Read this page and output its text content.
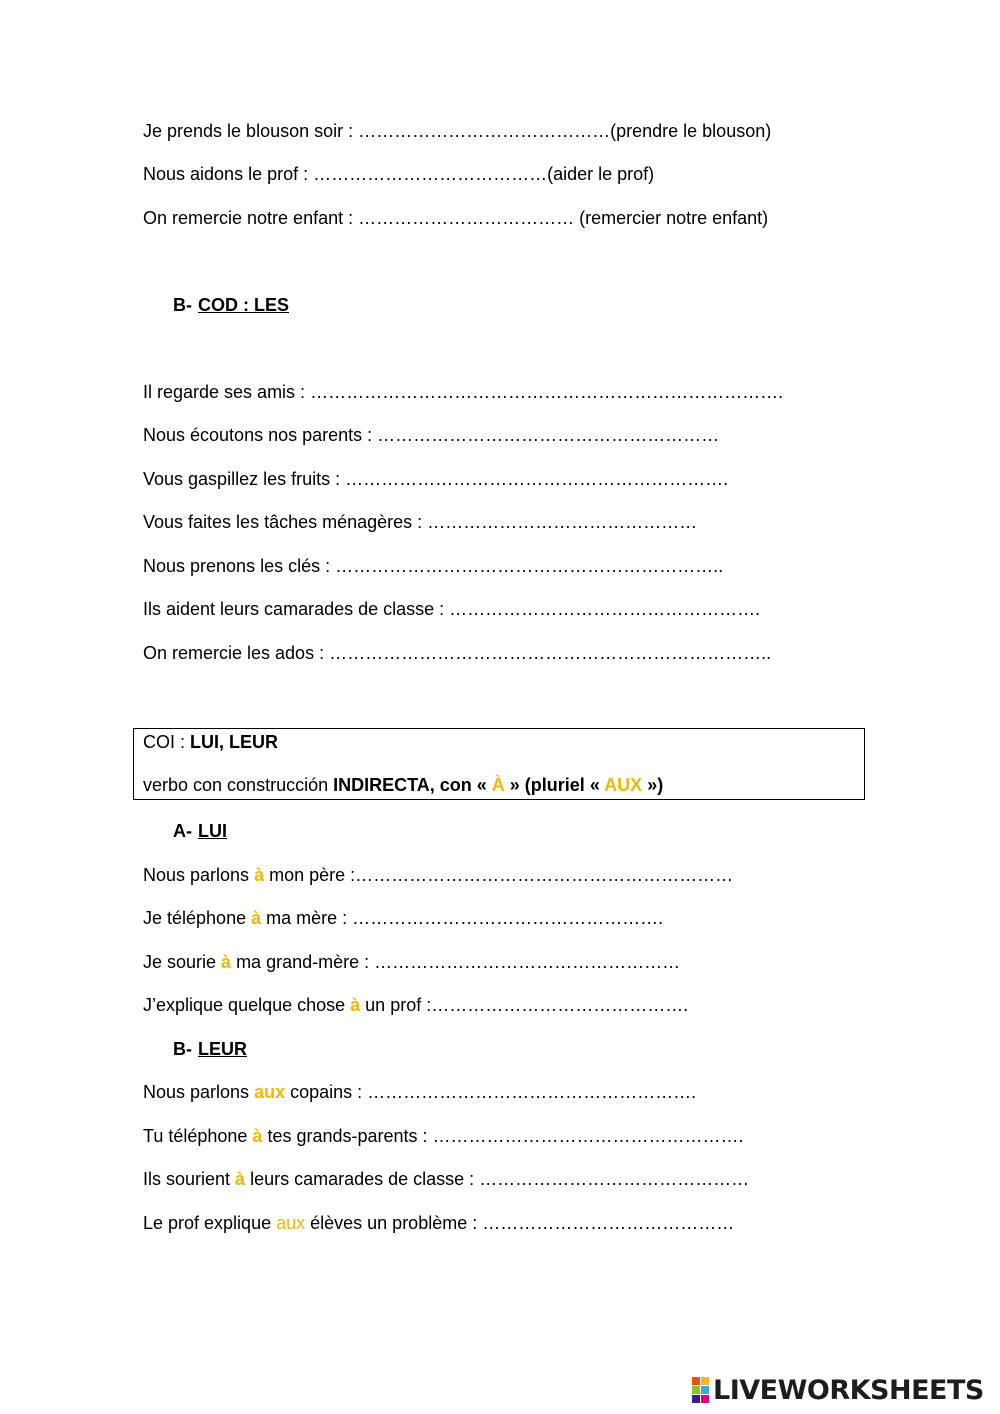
Je prends le blouson soir : ……………………………………(prendre le blouson)
Nous aidons le prof : …………………………………(aider le prof)
On remercie notre enfant : ……………………………… (remercier notre enfant)
B- COD : LES
Il regarde ses amis : …………………………………………………………………….
Nous écoutons nos parents : …………………………………………………
Vous gaspillez les fruits : ……………………………………………………….
Vous faites les tâches ménagères : ………………………………………
Nous prenons les clés : ………………………………………………………..
Ils aident leurs camarades de classe : …………………………………………….
On remercie les ados : ………………………………………………………………..
COI : LUI, LEUR
verbo con construcción INDIRECTA, con « À » (pluriel « AUX »)
A- LUI
Nous parlons à mon père :………………………………………………………
Je téléphone à ma mère : …………………………………………….
Je sourie à ma grand-mère : ……………………………………………
J’explique quelque chose à un prof :…………………………………….
B- LEUR
Nous parlons aux copains : ……………………………………………….
Tu téléphone à tes grands-parents : …………………………………………….
Ils sourient à leurs camarades de classe : ………………………………………
Le prof explique aux élèves un problème : ……………………………………
LIVEWORKSHEETS
